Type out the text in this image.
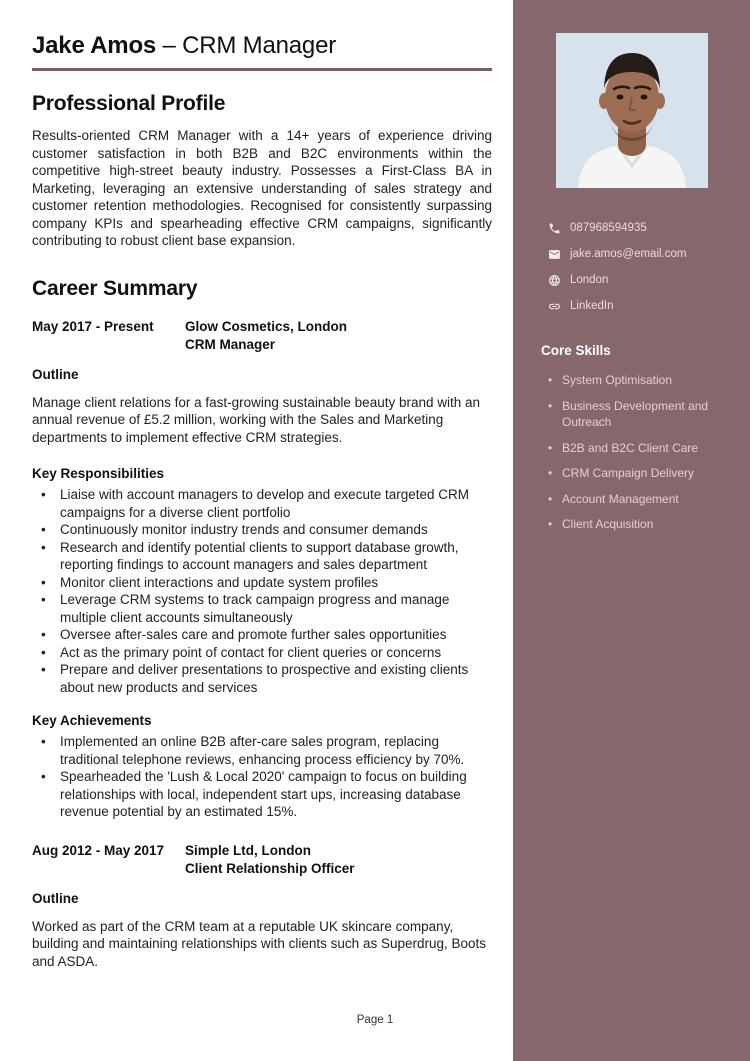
Jake Amos – CRM Manager
Professional Profile

Results-oriented CRM Manager with a 14+ years of experience driving customer satisfaction in both B2B and B2C environments within the competitive high-street beauty industry. Possesses a First-Class BA in Marketing, leveraging an extensive understanding of sales strategy and customer retention methodologies. Recognised for consistently surpassing company KPIs and spearheading effective CRM campaigns, significantly contributing to robust client base expansion.

Career Summary
May 2017 - Present	Glow Cosmetics, London
CRM Manager
Outline

Manage client relations for a fast-growing sustainable beauty brand with an annual revenue of £5.2 million, working with the Sales and Marketing departments to implement effective CRM strategies.

Key Responsibilities
• Liaise with account managers to develop and execute targeted CRM campaigns for a diverse client portfolio
• Continuously monitor industry trends and consumer demands
• Research and identify potential clients to support database growth, reporting findings to account managers and sales department
• Monitor client interactions and update system profiles
• Leverage CRM systems to track campaign progress and manage multiple client accounts simultaneously
• Oversee after-sales care and promote further sales opportunities
• Act as the primary point of contact for client queries or concerns
• Prepare and deliver presentations to prospective and existing clients about new products and services
Key Achievements
• Implemented an online B2B after-care sales program, replacing traditional telephone reviews, enhancing process efficiency by 70%.
• Spearheaded the 'Lush & Local 2020' campaign to focus on building relationships with local, independent start ups, increasing database revenue potential by an estimated 15%.
Aug 2012 - May 2017	Simple Ltd, London
Client Relationship Officer
Outline

Worked as part of the CRM team at a reputable UK skincare company, building and maintaining relationships with clients such as Superdrug, Boots and ASDA.

087968594935
jake.amos@email.com
London
LinkedIn
Core Skills
• System Optimisation
• Business Development and Outreach
• B2B and B2C Client Care
• CRM Campaign Delivery
• Account Management
• Client Acquisition
Page 1
